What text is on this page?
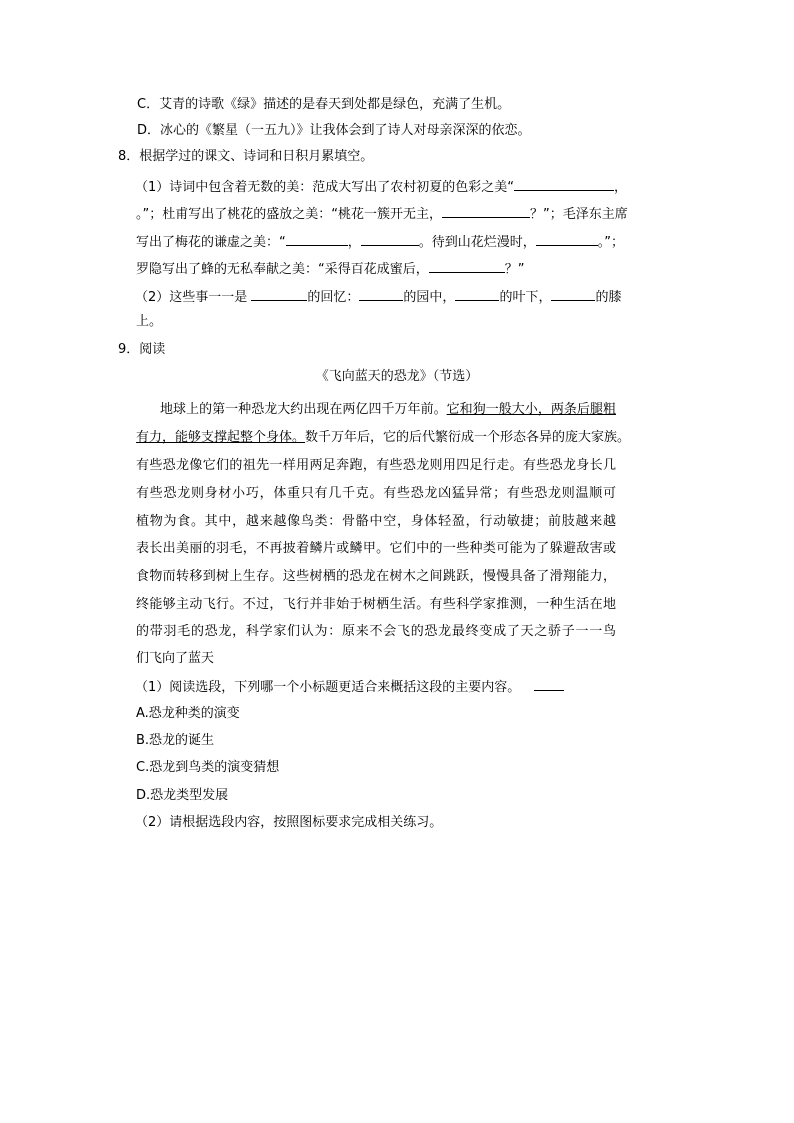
C．艾青的诗歌《绿》描述的是春天到处都是绿色，充满了生机。
D．冰心的《繁星（一五九）》让我体会到了诗人对母亲深深的依恋。
8．根据学过的课文、诗词和日积月累填空。
（1）诗词中包含着无数的美：范成大写出了农村初夏的色彩之美“	，
。”；杜甫写出了桃花的盛放之美：“桃花一簇开无主，	？”；毛泽东主席
写出了梅花的谦虚之美：“	，	。待到山花烂漫时，	。”；
罗隐写出了蜂的无私奉献之美：“采得百花成蜜后，	？”
（2）这些事一一是	的回忆：	的园中，	的叶下，	的膝
上。
9．阅读
《飞向蓝天的恐龙》（节选）
地球上的第一种恐龙大约出现在两亿四千万年前。它和狗一般大小，两条后腿粗
有力，能够支撑起整个身体。数千万年后，它的后代繁衍成一个形态各异的庞大家族。
有些恐龙像它们的祖先一样用两足奔跑，有些恐龙则用四足行走。有些恐龙身长几
有些恐龙则身材小巧，体重只有几千克。有些恐龙凶猛异常；有些恐龙则温顺可
植物为食。其中，越来越像鸟类：骨骼中空，身体轻盈，行动敏捷；前肢越来越
表长出美丽的羽毛，不再披着鳞片或鳞甲。它们中的一些种类可能为了躲避敌害或
食物而转移到树上生存。这些树栖的恐龙在树木之间跳跃，慢慢具备了滑翔能力，
终能够主动飞行。不过，飞行并非始于树栖生活。有些科学家推测，一种生活在地
的带羽毛的恐龙，科学家们认为：原来不会飞的恐龙最终变成了天之骄子一一鸟
们飞向了蓝天
（1）阅读选段，下列哪一个小标题更适合来概括这段的主要内容。
A.恐龙种类的演变
B.恐龙的诞生
C.恐龙到鸟类的演变猜想
D.恐龙类型发展
（2）请根据选段内容，按照图标要求完成相关练习。
